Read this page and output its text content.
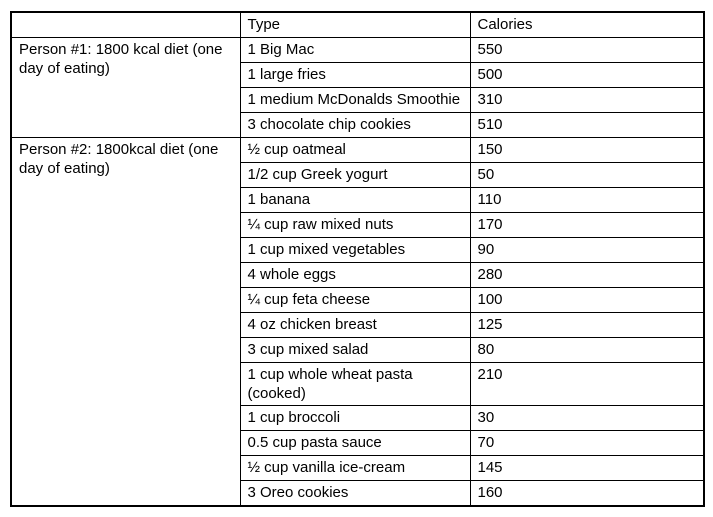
	Type	Calories
Person #1: 1800 kcal diet (one day of eating)	1 Big Mac	550
	1 large fries	500
	1 medium McDonalds Smoothie	310
	3 chocolate chip cookies	510
Person #2: 1800kcal diet (one day of eating)	½ cup oatmeal	150
	1/2 cup Greek yogurt	50
	1 banana	110
	¼ cup raw mixed nuts	170
	1 cup mixed vegetables	90
	4 whole eggs	280
	¼ cup feta cheese	100
	4 oz chicken breast	125
	3 cup mixed salad	80
	1 cup whole wheat pasta (cooked)	210
	1 cup broccoli	30
	0.5 cup pasta sauce	70
	½ cup vanilla ice-cream	145
	3 Oreo cookies	160
